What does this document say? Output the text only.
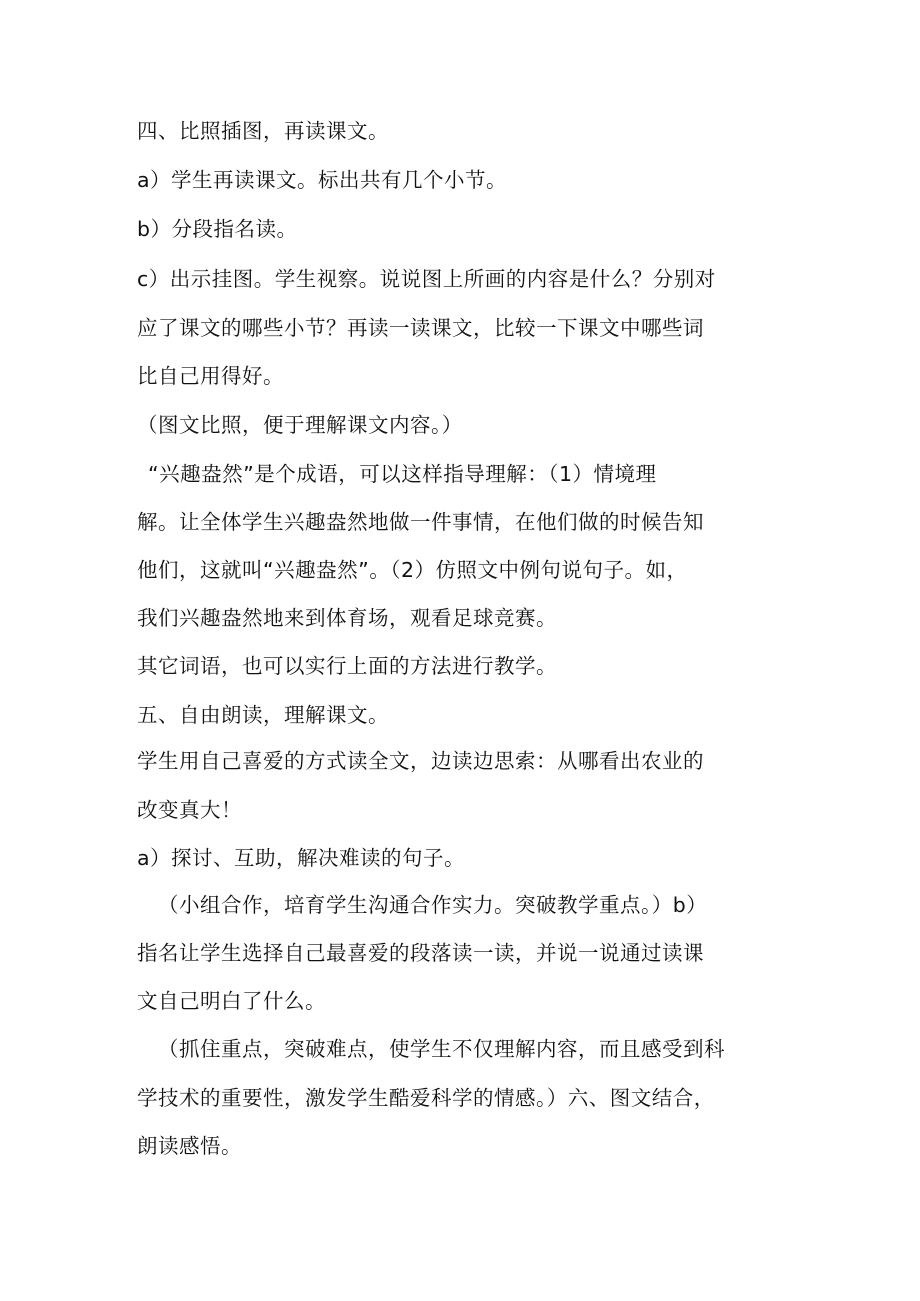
四、比照插图，再读课文。
a）学生再读课文。标出共有几个小节。
b）分段指名读。
c）出示挂图。学生视察。说说图上所画的内容是什么？分别对
应了课文的哪些小节？再读一读课文，比较一下课文中哪些词
比自己用得好。
（图文比照，便于理解课文内容。）
“兴趣盎然”是个成语，可以这样指导理解：（1）情境理
解。让全体学生兴趣盎然地做一件事情，在他们做的时候告知
他们，这就叫“兴趣盎然”。（2）仿照文中例句说句子。如，
我们兴趣盎然地来到体育场，观看足球竞赛。
其它词语，也可以实行上面的方法进行教学。
五、自由朗读，理解课文。
学生用自己喜爱的方式读全文，边读边思索：从哪看出农业的
改变真大！
a）探讨、互助，解决难读的句子。
（小组合作，培育学生沟通合作实力。突破教学重点。）b）
指名让学生选择自己最喜爱的段落读一读，并说一说通过读课
文自己明白了什么。
（抓住重点，突破难点，使学生不仅理解内容，而且感受到科
学技术的重要性，激发学生酷爱科学的情感。）六、图文结合，
朗读感悟。
